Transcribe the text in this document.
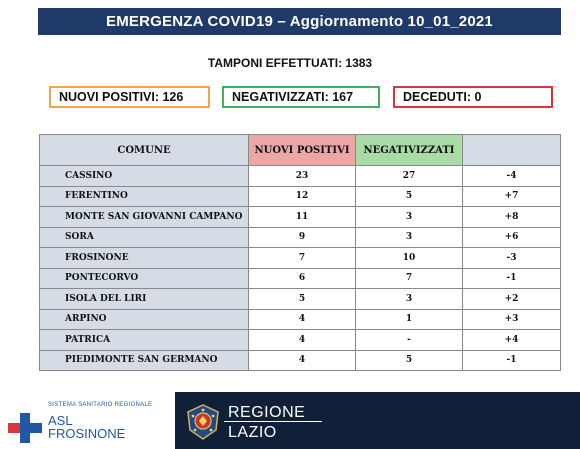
EMERGENZA COVID19 – Aggiornamento 10_01_2021
TAMPONI EFFETTUATI: 1383
NUOVI POSITIVI: 126	NEGATIVIZZATI: 167	DECEDUTI: 0
COMUNE	NUOVI POSITIVI	NEGATIVIZZATI	
CASSINO	23	27	-4
FERENTINO	12	5	+7
MONTE SAN GIOVANNI CAMPANO	11	3	+8
SORA	9	3	+6
FROSINONE	7	10	-3
PONTECORVO	6	7	-1
ISOLA DEL LIRI	5	3	+2
ARPINO	4	1	+3
PATRICA	4	-	+4
PIEDIMONTE SAN GERMANO	4	5	-1
SISTEMA SANITARIO REGIONALE
ASL
FROSINONE
REGIONE
LAZIO
